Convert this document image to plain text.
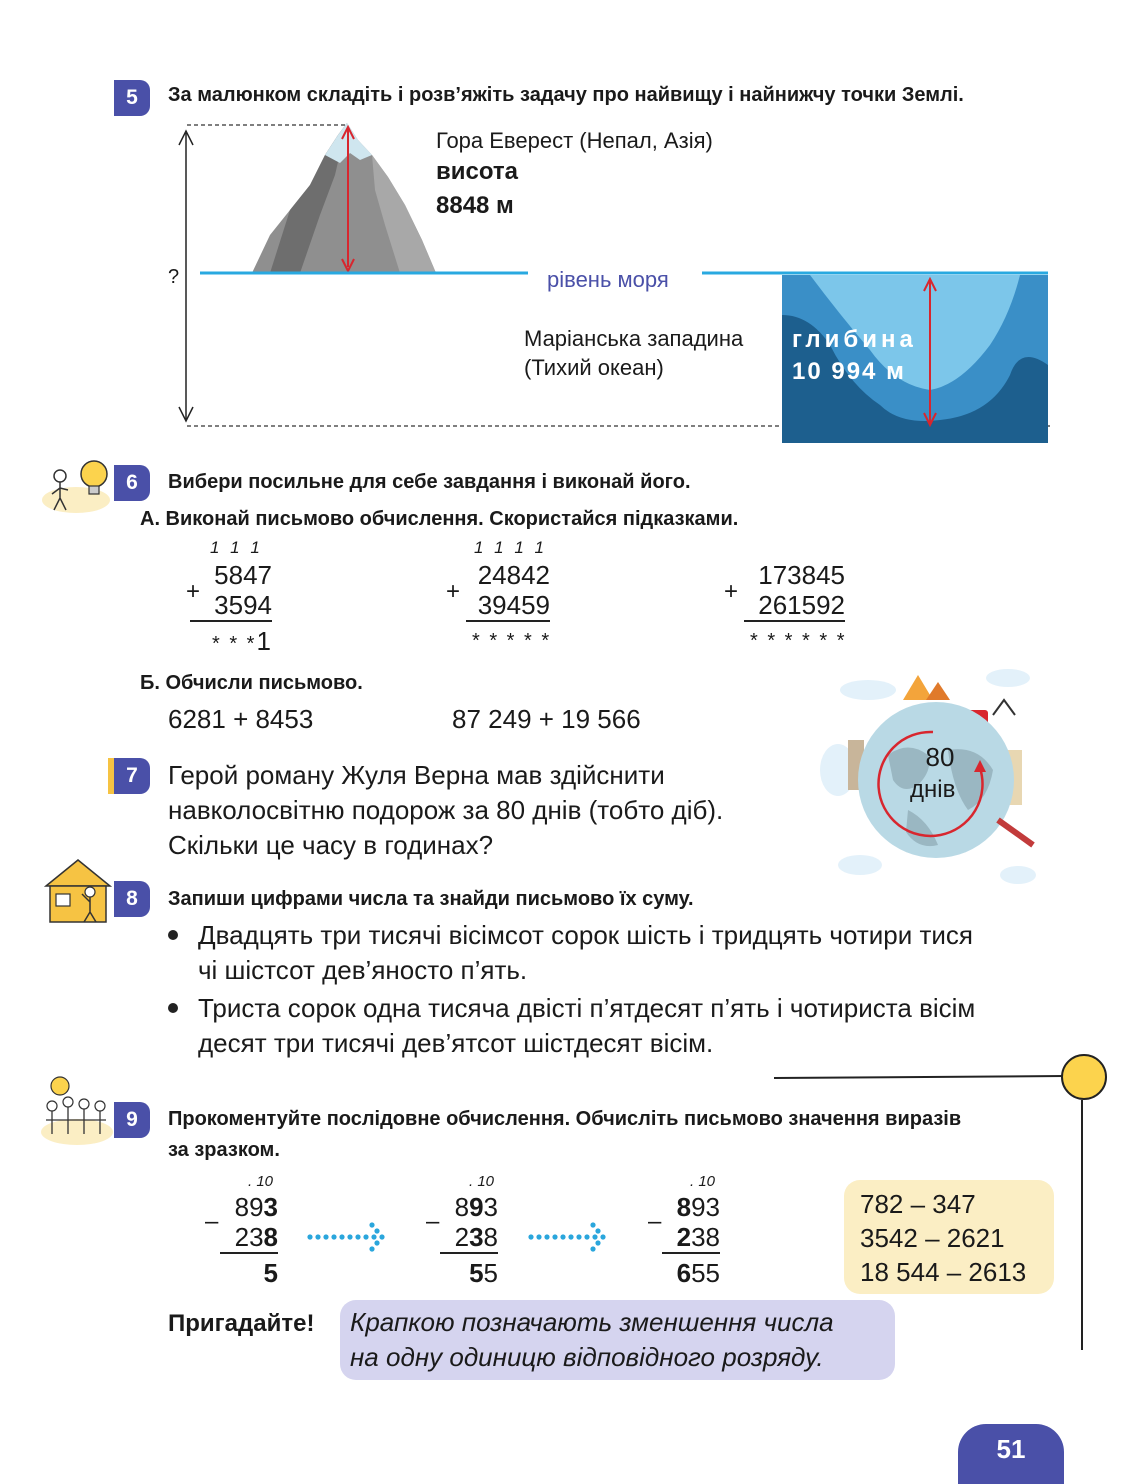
5	За малюнком складіть і розв’яжіть задачу про найвищу і найнижчу точки Землі.
Гора Еверест (Непал, Азія)
висота
8848 м
?	рівень моря
Маріанська западина
(Тихий океан)
глибина
10 994 м
6	Вибери посильне для себе завдання і виконай його.
А. Виконай письмово обчислення. Скористайся підказками.
1 1 1
+
5847
3594
* * *1
1 1 1 1
+
24842
39459
* * * * *
+
173845
261592
* * * * * *
Б. Обчисли письмово.
6281 + 8453	87 249 + 19 566
80
днів
7	Герой роману Жуля Верна мав здійснити
навколосвітню подорож за 80 днів (тобто діб).
Скільки це часу в годинах?
8	Запиши цифрами числа та знайди письмово їх суму.
Двадцять три тисячі вісімсот сорок шість і тридцять чотири тися
чі шістсот дев’яносто п’ять.
Триста сорок одна тисяча двісті п’ятдесят п’ять і чотириста вісім
десят три тисячі дев’ятсот шістдесят вісім.
9	Прокоментуйте послідовне обчислення. Обчисліть письмово значення виразів
за зразком.
. 10
– 893
238
5
. 10
– 893
238
55
. 10
– 893
238
655
782 – 347
3542 – 2621
18 544 – 2613
Пригадайте! Крапкою позначають зменшення числа
на одну одиницю відповідного розряду.
51
